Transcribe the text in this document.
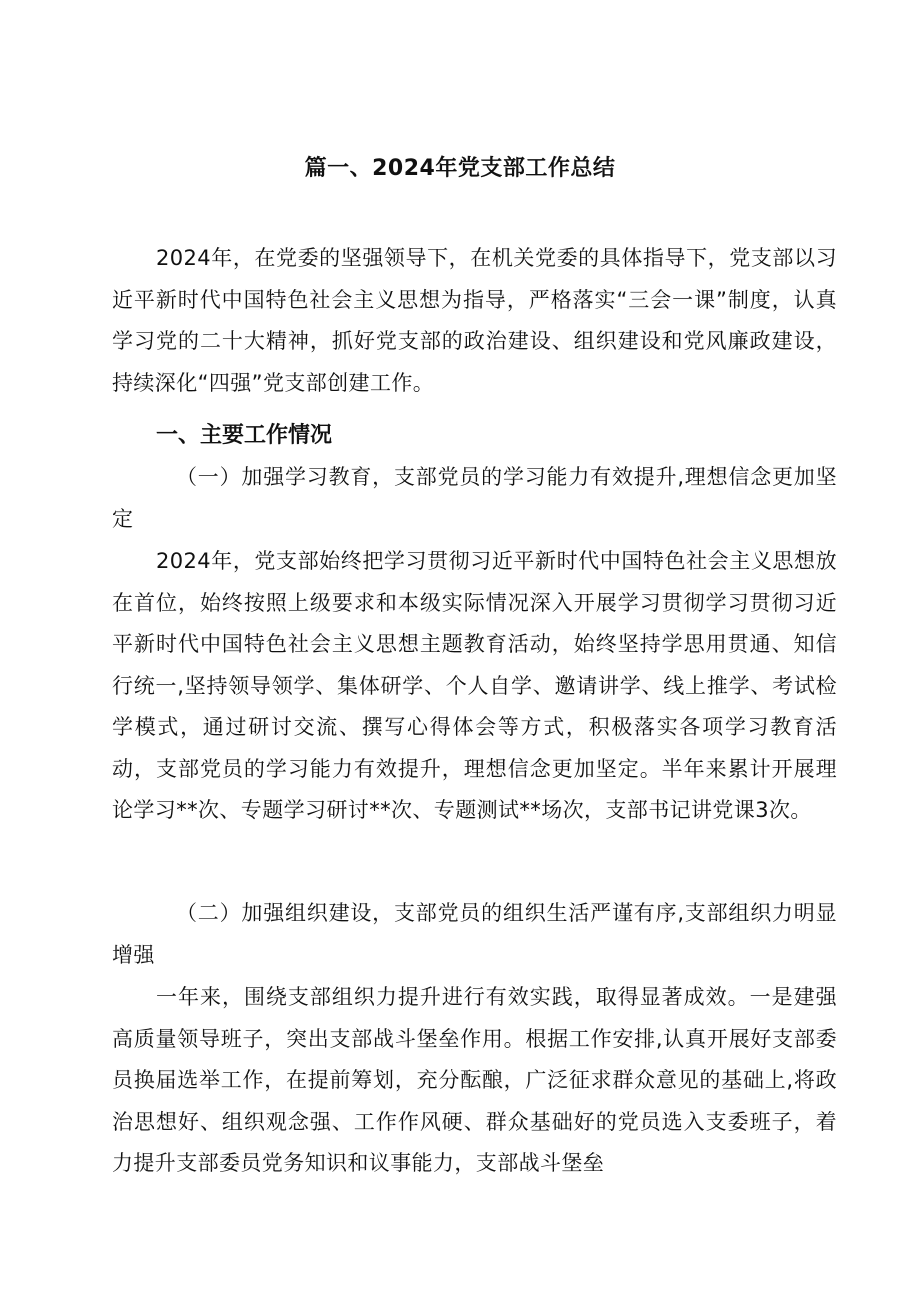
篇一、2024年党支部工作总结

2024年，在党委的坚强领导下，在机关党委的具体指导下，党支部以习近平新时代中国特色社会主义思想为指导，严格落实“三会一课”制度，认真学习党的二十大精神，抓好党支部的政治建设、组织建设和党风廉政建设，持续深化“四强”党支部创建工作。

一、主要工作情况

（一）加强学习教育，支部党员的学习能力有效提升,理想信念更加坚定

2024年，党支部始终把学习贯彻习近平新时代中国特色社会主义思想放在首位，始终按照上级要求和本级实际情况深入开展学习贯彻学习贯彻习近平新时代中国特色社会主义思想主题教育活动，始终坚持学思用贯通、知信行统一,坚持领导领学、集体研学、个人自学、邀请讲学、线上推学、考试检学模式，通过研讨交流、撰写心得体会等方式，积极落实各项学习教育活动，支部党员的学习能力有效提升，理想信念更加坚定。半年来累计开展理论学习**次、专题学习研讨**次、专题测试**场次，支部书记讲党课3次。

（二）加强组织建设，支部党员的组织生活严谨有序,支部组织力明显增强

一年来，围绕支部组织力提升进行有效实践，取得显著成效。一是建强高质量领导班子，突出支部战斗堡垒作用。根据工作安排,认真开展好支部委员换届选举工作，在提前筹划，充分酝酿，广泛征求群众意见的基础上,将政治思想好、组织观念强、工作作风硬、群众基础好的党员选入支委班子，着力提升支部委员党务知识和议事能力，支部战斗堡垒
